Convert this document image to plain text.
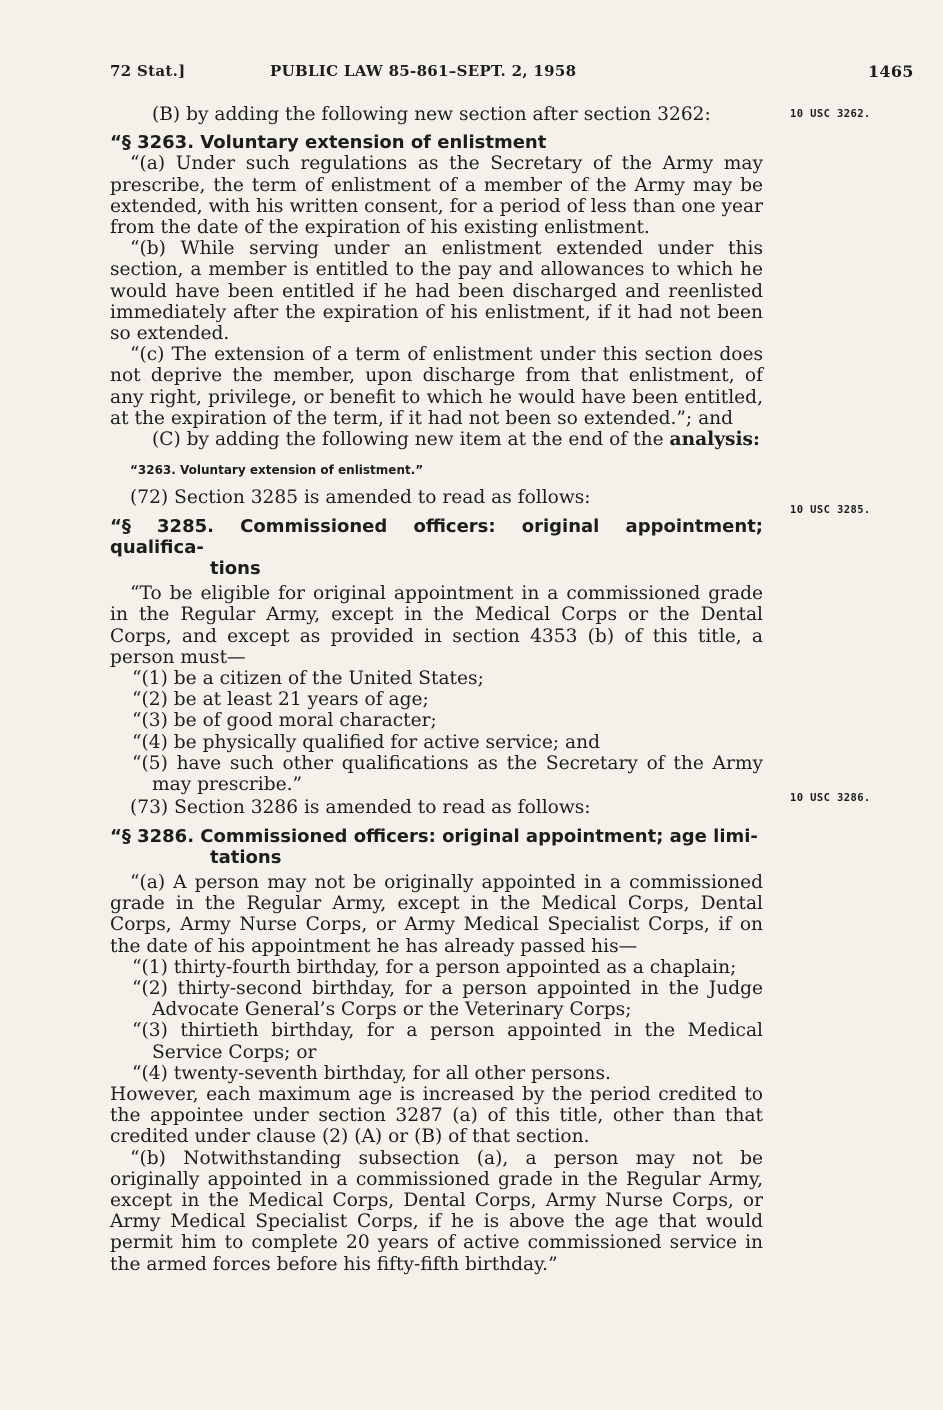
72 Stat.]	PUBLIC LAW 85-861–SEPT. 2, 1958	1465
10 USC 3262.
10 USC 3285.
10 USC 3286.

(B) by adding the following new section after section 3262:

“§ 3263. Voluntary extension of enlistment

“(a) Under such regulations as the Secretary of the Army may prescribe, the term of enlistment of a member of the Army may be extended, with his written consent, for a period of less than one year from the date of the expiration of his existing enlistment.

“(b) While serving under an enlistment extended under this section, a member is entitled to the pay and allowances to which he would have been entitled if he had been discharged and reenlisted immediately after the expiration of his enlistment, if it had not been so extended.

“(c) The extension of a term of enlistment under this section does not deprive the member, upon discharge from that enlistment, of any right, privilege, or benefit to which he would have been entitled, at the expiration of the term, if it had not been so extended.”; and

(C) by adding the following new item at the end of the analysis:

“3263. Voluntary extension of enlistment.”

(72) Section 3285 is amended to read as follows:

“§ 3285. Commissioned officers: original appointment; qualifica-
tions

“To be eligible for original appointment in a commissioned grade in the Regular Army, except in the Medical Corps or the Dental Corps, and except as provided in section 4353 (b) of this title, a person must—

“(1) be a citizen of the United States;

“(2) be at least 21 years of age;

“(3) be of good moral character;

“(4) be physically qualified for active service; and

“(5) have such other qualifications as the Secretary of the Army may prescribe.”

(73) Section 3286 is amended to read as follows:

“§ 3286. Commissioned officers: original appointment; age limi-
tations

“(a) A person may not be originally appointed in a commissioned grade in the Regular Army, except in the Medical Corps, Dental Corps, Army Nurse Corps, or Army Medical Specialist Corps, if on the date of his appointment he has already passed his—

“(1) thirty-fourth birthday, for a person appointed as a chaplain;

“(2) thirty-second birthday, for a person appointed in the Judge Advocate General’s Corps or the Veterinary Corps;

“(3) thirtieth birthday, for a person appointed in the Medical Service Corps; or

“(4) twenty-seventh birthday, for all other persons.

However, each maximum age is increased by the period credited to the appointee under section 3287 (a) of this title, other than that credited under clause (2) (A) or (B) of that section.

“(b) Notwithstanding subsection (a), a person may not be originally appointed in a commissioned grade in the Regular Army, except in the Medical Corps, Dental Corps, Army Nurse Corps, or Army Medical Specialist Corps, if he is above the age that would permit him to complete 20 years of active commissioned service in the armed forces before his fifty-fifth birthday.”
